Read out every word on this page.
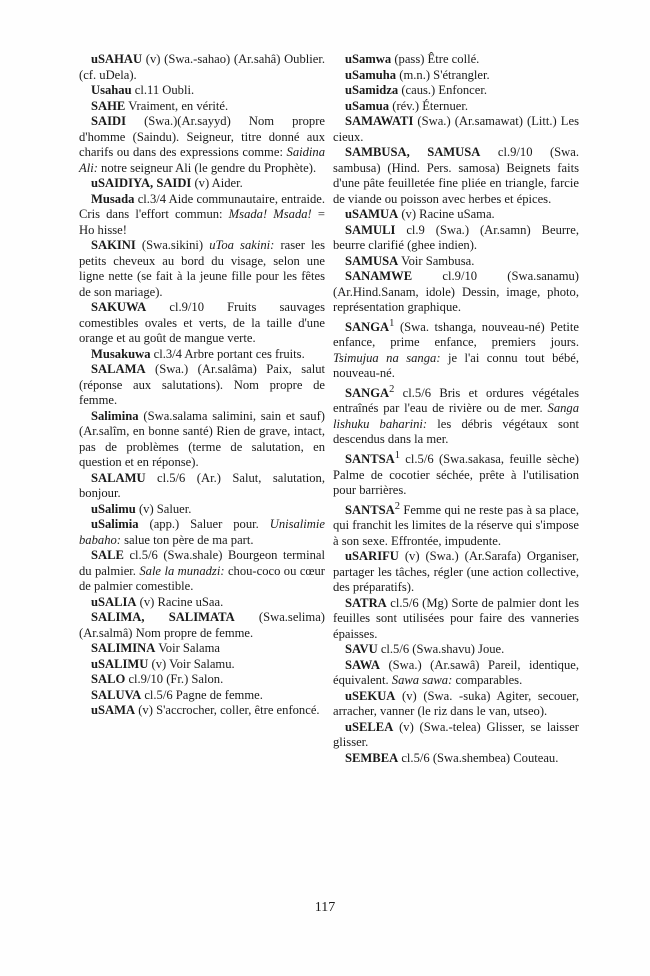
uSAHAU (v) (Swa.-sahao) (Ar.sahâ) Oublier. (cf. uDela).

Usahau cl.11 Oubli.

SAHE Vraiment, en vérité.

SAIDI (Swa.)(Ar.sayyd) Nom propre d'homme (Saindu). Seigneur, titre donné aux charifs ou dans des expressions comme: Saidina Ali: notre seigneur Ali (le gendre du Prophète).

uSAIDIYA, SAIDI (v) Aider.

Musada cl.3/4 Aide communautaire, entraide. Cris dans l'effort commun: Msada! Msada! = Ho hisse!

SAKINI (Swa.sikini) uToa sakini: raser les petits cheveux au bord du visage, selon une ligne nette (se fait à la jeune fille pour les fêtes de son mariage).

SAKUWA cl.9/10 Fruits sauvages comestibles ovales et verts, de la taille d'une orange et au goût de mangue verte.

Musakuwa cl.3/4 Arbre portant ces fruits.

SALAMA (Swa.) (Ar.salâma) Paix, salut (réponse aux salutations). Nom propre de femme.

Salimina (Swa.salama salimini, sain et sauf) (Ar.salîm, en bonne santé) Rien de grave, intact, pas de problèmes (terme de salutation, en question et en réponse).

SALAMU cl.5/6 (Ar.) Salut, salutation, bonjour.

uSalimu (v) Saluer.

uSalimia (app.) Saluer pour. Unisalimie babaho: salue ton père de ma part.

SALE cl.5/6 (Swa.shale) Bourgeon terminal du palmier. Sale la munadzi: chou-coco ou cœur de palmier comestible.

uSALIA (v) Racine uSaa.

SALIMA, SALIMATA (Swa.selima) (Ar.salmâ) Nom propre de femme.

SALIMINA Voir Salama

uSALIMU (v) Voir Salamu.

SALO cl.9/10 (Fr.) Salon.

SALUVA cl.5/6 Pagne de femme.

uSAMA (v) S'accrocher, coller, être enfoncé.

uSamwa (pass) Être collé.

uSamuha (m.n.) S'étrangler.

uSamidza (caus.) Enfoncer.

uSamua (rév.) Éternuer.

SAMAWATI (Swa.) (Ar.samawat) (Litt.) Les cieux.

SAMBUSA, SAMUSA cl.9/10 (Swa. sambusa) (Hind. Pers. samosa) Beignets faits d'une pâte feuilletée fine pliée en triangle, farcie de viande ou poisson avec herbes et épices.

uSAMUA (v) Racine uSama.

SAMULI cl.9 (Swa.) (Ar.samn) Beurre, beurre clarifié (ghee indien).

SAMUSA Voir Sambusa.

SANAMWE cl.9/10 (Swa.sanamu) (Ar.Hind.Sanam, idole) Dessin, image, photo, représentation graphique.

SANGA$^1$ (Swa. tshanga, nouveau-né) Petite enfance, prime enfance, premiers jours. Tsimujua na sanga: je l'ai connu tout bébé, nouveau-né.

SANGA$^2$ cl.5/6 Bris et ordures végétales entraînés par l'eau de rivière ou de mer. Sanga lishuku baharini: les débris végétaux sont descendus dans la mer.

SANTSA$^1$ cl.5/6 (Swa.sakasa, feuille sèche) Palme de cocotier séchée, prête à l'utilisation pour barrières.

SANTSA$^2$ Femme qui ne reste pas à sa place, qui franchit les limites de la réserve qui s'impose à son sexe. Effrontée, impudente.

uSARIFU (v) (Swa.) (Ar.Sarafa) Organiser, partager les tâches, régler (une action collective, des préparatifs).

SATRA cl.5/6 (Mg) Sorte de palmier dont les feuilles sont utilisées pour faire des vanneries épaisses.

SAVU cl.5/6 (Swa.shavu) Joue.

SAWA (Swa.) (Ar.sawâ) Pareil, identique, équivalent. Sawa sawa: comparables.

uSEKUA (v) (Swa. -suka) Agiter, secouer, arracher, vanner (le riz dans le van, utseo).

uSELEA (v) (Swa.-telea) Glisser, se laisser glisser.

SEMBEA cl.5/6 (Swa.shembea) Couteau.

117
